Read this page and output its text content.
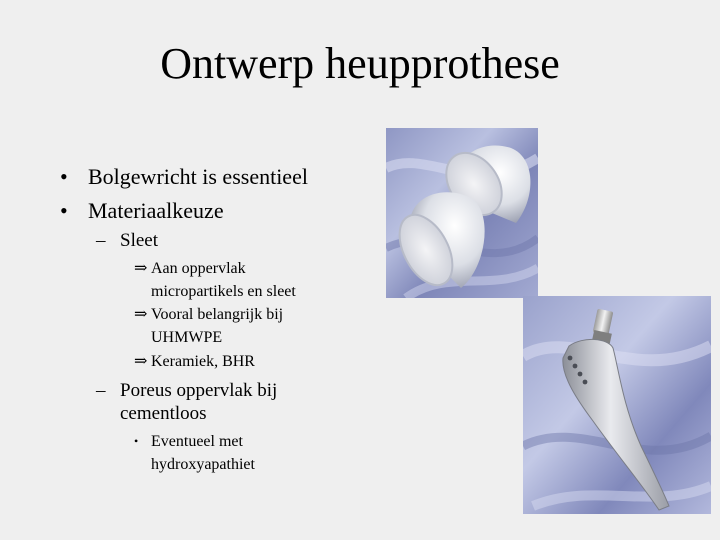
Ontwerp heupprothese
• Bolgewricht is essentieel
• Materiaalkeuze
– Sleet
⇒ Aan oppervlak
micropartikels en sleet
⇒ Vooral belangrijk bij
UHMWPE
⇒ Keramiek, BHR
– Poreus oppervlak bij
cementloos
• Eventueel met
hydroxyapathiet
